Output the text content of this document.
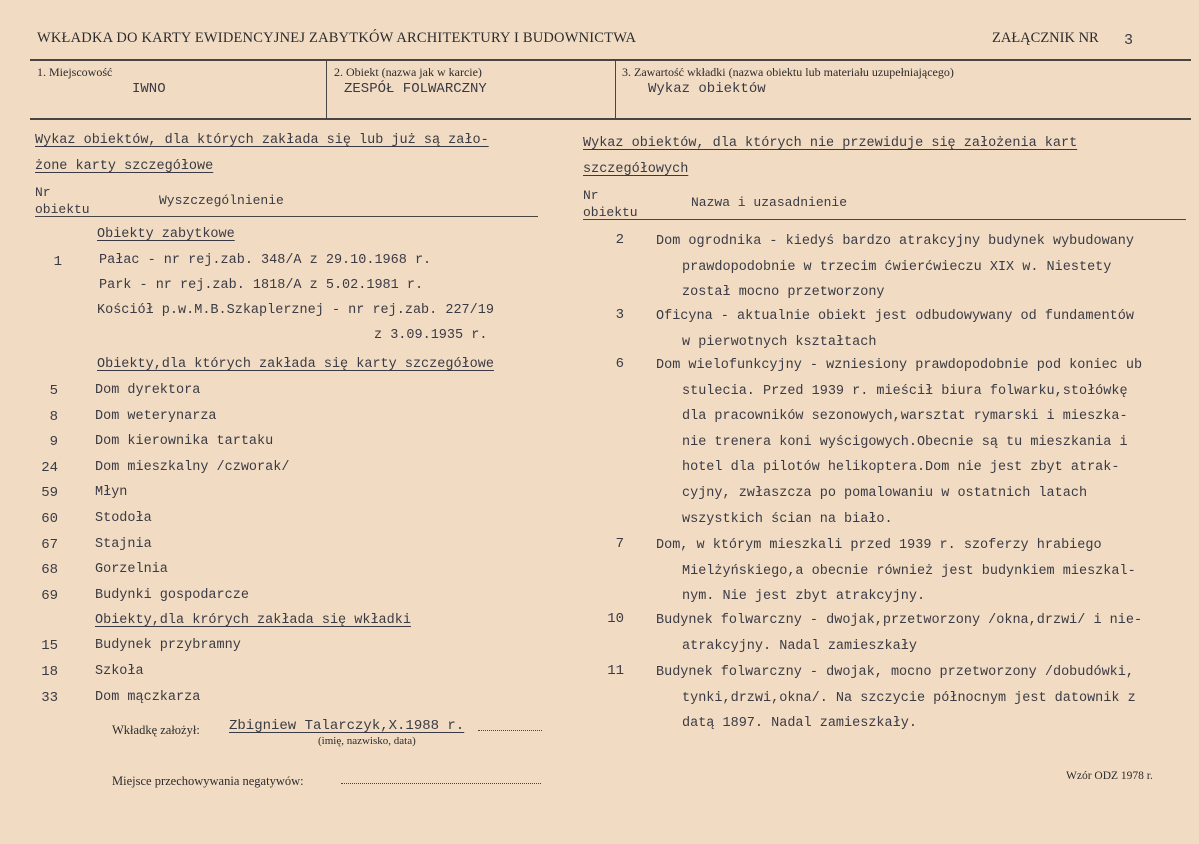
WKŁADKA DO KARTY EWIDENCYJNEJ ZABYTKÓW ARCHITEKTURY I BUDOWNICTWA	ZAŁĄCZNIK NR 3
1. Miejscowość
IWNO
2. Obiekt (nazwa jak w karcie)
ZESPÓŁ FOLWARCZNY
3. Zawartość wkładki (nazwa obiektu lub materiału uzupełniającego)
Wykaz obiektów
Wykaz obiektów, dla których zakłada się lub już są zało-
żone karty szczegółowe
Nr
obiektu
Wyszczególnienie
Obiekty zabytkowe
1	Pałac - nr rej.zab. 348/A z 29.10.1968 r.
Park - nr rej.zab. 1818/A z 5.02.1981 r.
Kościół p.w.M.B.Szkaplerznej - nr rej.zab. 227/19
z 3.09.1935 r.
Obiekty,dla których zakłada się karty szczegółowe
5	Dom dyrektora
8	Dom weterynarza
9	Dom kierownika tartaku
24	Dom mieszkalny /czworak/
59	Młyn
60	Stodoła
67	Stajnia
68	Gorzelnia
69	Budynki gospodarcze
Obiekty,dla krórych zakłada się wkładki
15	Budynek przybramny
18	Szkoła
33	Dom mączkarza
Wykaz obiektów, dla których nie przewiduje się założenia kart
szczegółowych
Nr
obiektu
Nazwa i uzasadnienie
2 Dom ogrodnika - kiedyś bardzo atrakcyjny budynek wybudowany
prawdopodobnie w trzecim ćwierćwieczu XIX w. Niestety
został mocno przetworzony
3 Oficyna - aktualnie obiekt jest odbudowywany od fundamentów
w pierwotnych kształtach
6 Dom wielofunkcyjny - wzniesiony prawdopodobnie pod koniec ub
stulecia. Przed 1939 r. mieścił biura folwarku,stołówkę
dla pracowników sezonowych,warsztat rymarski i mieszka-
nie trenera koni wyścigowych.Obecnie są tu mieszkania i
hotel dla pilotów helikoptera.Dom nie jest zbyt atrak-
cyjny, zwłaszcza po pomalowaniu w ostatnich latach
wszystkich ścian na biało.
7 Dom, w którym mieszkali przed 1939 r. szoferzy hrabiego
Mielżyńskiego,a obecnie również jest budynkiem mieszkal-
nym. Nie jest zbyt atrakcyjny.
10 Budynek folwarczny - dwojak,przetworzony /okna,drzwi/ i nie-
atrakcyjny. Nadal zamieszkały
11 Budynek folwarczny - dwojak, mocno przetworzony /dobudówki,
tynki,drzwi,okna/. Na szczycie północnym jest datownik z
datą 1897. Nadal zamieszkały.
Wkładkę założył: Zbigniew Talarczyk,X.1988 r.
(imię, nazwisko, data)
Miejsce przechowywania negatywów:	Wzór ODZ 1978 r.
